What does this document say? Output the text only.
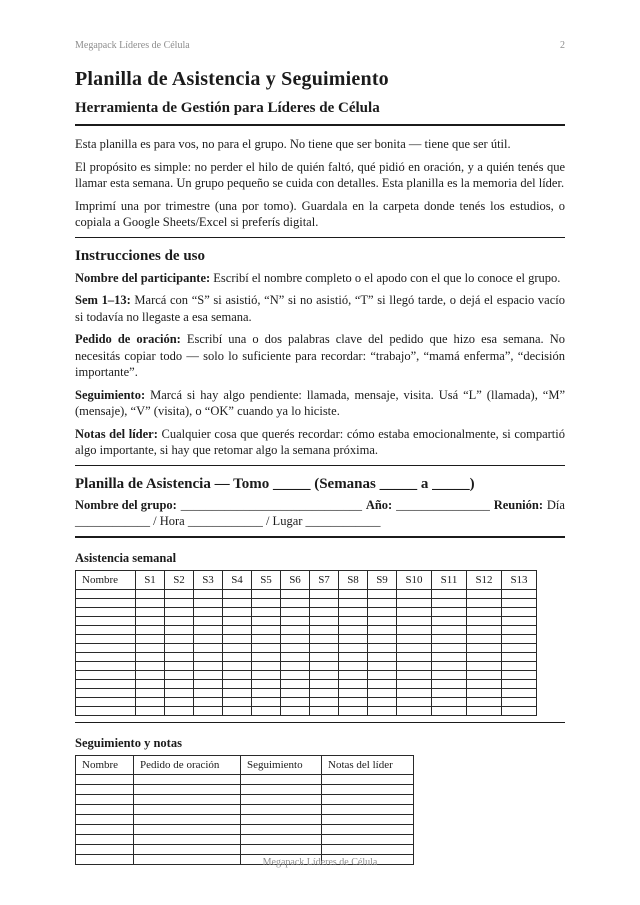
Megapack Líderes de Célula	2
Planilla de Asistencia y Seguimiento
Herramienta de Gestión para Líderes de Célula

Esta planilla es para vos, no para el grupo. No tiene que ser bonita — tiene que ser útil.

El propósito es simple: no perder el hilo de quién faltó, qué pidió en oración, y a quién tenés que llamar esta semana. Un grupo pequeño se cuida con detalles. Esta planilla es la memoria del líder.

Imprimí una por trimestre (una por tomo). Guardala en la carpeta donde tenés los estudios, o copiala a Google Sheets/Excel si preferís digital.

Instrucciones de uso

Nombre del participante: Escribí el nombre completo o el apodo con el que lo conoce el grupo.

Sem 1–13: Marcá con “S” si asistió, “N” si no asistió, “T” si llegó tarde, o dejá el espacio vacío si todavía no llegaste a esa semana.

Pedido de oración: Escribí una o dos palabras clave del pedido que hizo esa semana. No necesitás copiar todo — solo lo suficiente para recordar: “trabajo”, “mamá enferma”, “decisión importante”.

Seguimiento: Marcá si hay algo pendiente: llamada, mensaje, visita. Usá “L” (llamada), “M” (mensaje), “V” (visita), o “OK” cuando ya lo hiciste.

Notas del líder: Cualquier cosa que querés recordar: cómo estaba emocionalmente, si compartió algo importante, si hay que retomar algo la semana próxima.

Planilla de Asistencia — Tomo _____ (Semanas _____ a _____)
Nombre del grupo: _____________________________ Año: _______________ Reunión: Día

____________ / Hora ____________ / Lugar ____________

Asistencia semanal
Nombre	S1	S2	S3	S4	S5	S6	S7	S8	S9	S10	S11	S12	S13

Seguimiento y notas
Nombre	Pedido de oración	Seguimiento	Notas del líder

Megapack Líderes de Célula
